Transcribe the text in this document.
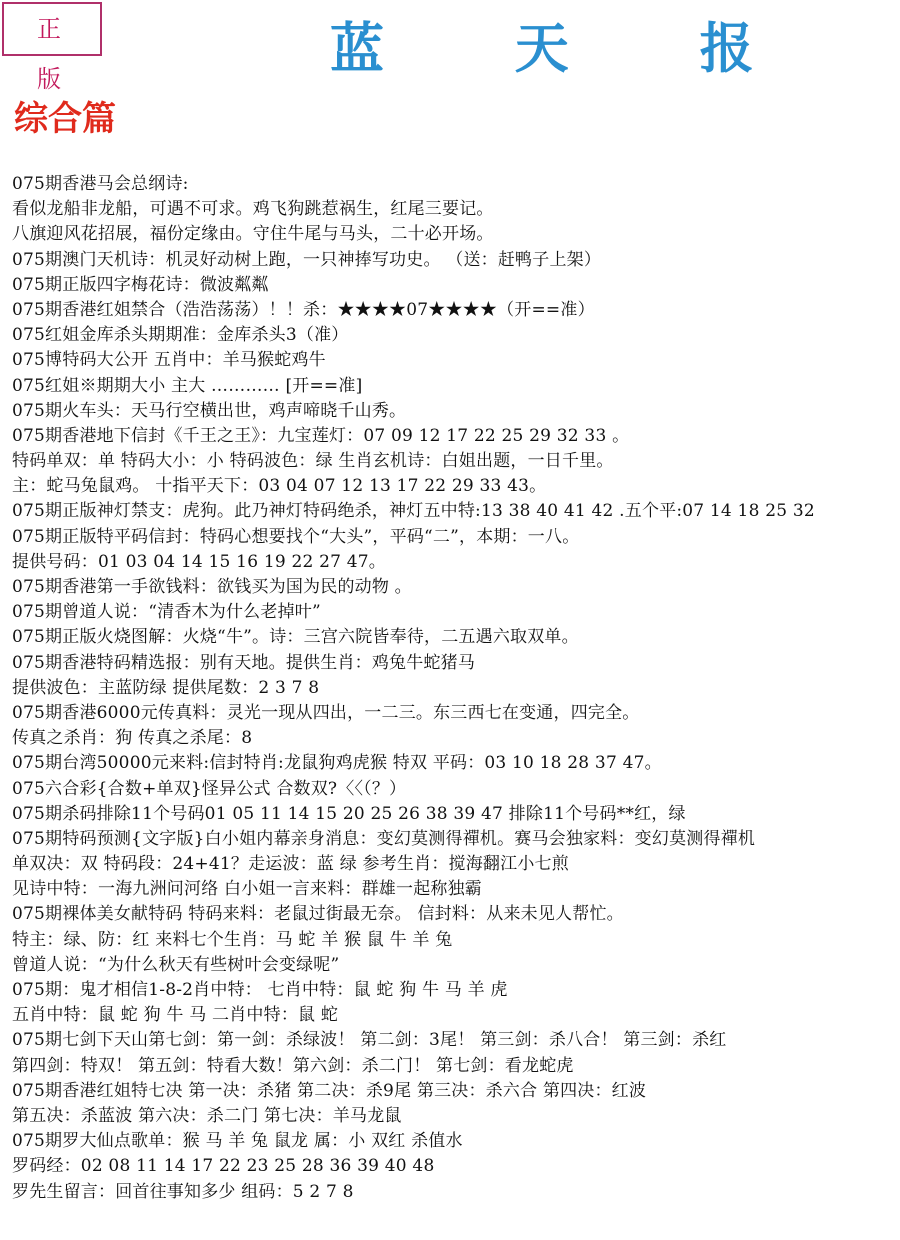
正 版	蓝 天 报
综合篇
075期香港马会总纲诗:
看似龙船非龙船，可遇不可求。鸡飞狗跳惹祸生，红尾三要记。
八旗迎风花招展，福份定缘由。守住牛尾与马头，二十必开场。
075期澳门天机诗：机灵好动树上跑，一只神捧写功史。 （送：赶鸭子上架）
075期正版四字梅花诗：微波粼粼
075期香港红姐禁合（浩浩荡荡）！！杀：★★★★07★★★★（开==准）
075红姐金库杀头期期准：金库杀头3（准）
075博特码大公开 五肖中：羊马猴蛇鸡牛
075红姐※期期大小 主大 ………… [开==准]
075期火车头：天马行空横出世，鸡声啼晓千山秀。
075期香港地下信封《千王之王》：九宝莲灯：07 09 12 17 22 25 29 32 33 。
特码单双：单 特码大小：小 特码波色：绿 生肖玄机诗：白姐出题，一日千里。
主：蛇马兔鼠鸡。 十指平天下：03 04 07 12 13 17 22 29 33 43。
075期正版神灯禁支：虎狗。此乃神灯特码绝杀，神灯五中特:13 38 40 41 42 .五个平:07 14 18 25 32
075期正版特平码信封：特码心想要找个“大头”，平码“二”，本期：一八。
提供号码：01 03 04 14 15 16 19 22 27 47。
075期香港第一手欲钱料：欲钱买为国为民的动物 。
075期曾道人说：“清香木为什么老掉叶”
075期正版火烧图解：火烧“牛”。诗：三宫六院皆奉待，二五遇六取双单。
075期香港特码精选报：别有天地。提供生肖：鸡兔牛蛇猪马
提供波色：主蓝防绿 提供尾数：2 3 7 8
075期香港6000元传真料：灵光一现从四出，一二三。东三西七在变通，四完全。
传真之杀肖：狗 传真之杀尾：8
075期台湾50000元来料:信封特肖:龙鼠狗鸡虎猴 特双 平码：03 10 18 28 37 47。
075六合彩{合数+单双}怪异公式 合数双?〈〈（？）
075期杀码排除11个号码01 05 11 14 15 20 25 26 38 39 47 排除11个号码**红，绿
075期特码预测{文字版}白小姐内幕亲身消息：变幻莫测得禪机。赛马会独家料：变幻莫测得禪机
单双决：双 特码段：24+41？走运波：蓝 绿 参考生肖：搅海翻江小七煎
见诗中特：一海九洲问河络 白小姐一言来料：群雄一起称独霸
075期裸体美女献特码 特码来料：老鼠过街最无奈。 信封料：从来未见人帮忙。
特主：绿、防：红 来料七个生肖：马 蛇 羊 猴 鼠 牛 羊 兔
曾道人说：“为什么秋天有些树叶会变绿呢”
075期：鬼才相信1-8-2肖中特： 七肖中特：鼠 蛇 狗 牛 马 羊 虎
五肖中特：鼠 蛇 狗 牛 马 二肖中特：鼠 蛇
075期七剑下天山第七剑：第一剑：杀绿波！ 第二剑：3尾！ 第三剑：杀八合！ 第三剑：杀红
第四剑：特双！ 第五剑：特看大数！第六剑：杀二门！ 第七剑：看龙蛇虎
075期香港红姐特七决 第一决：杀猪 第二决：杀9尾 第三决：杀六合 第四决：红波
第五决：杀蓝波 第六决：杀二门 第七决：羊马龙鼠
075期罗大仙点歌单：猴 马 羊 兔 鼠龙 属：小 双红 杀值水
罗码经：02 08 11 14 17 22 23 25 28 36 39 40 48
罗先生留言：回首往事知多少 组码：5 2 7 8
